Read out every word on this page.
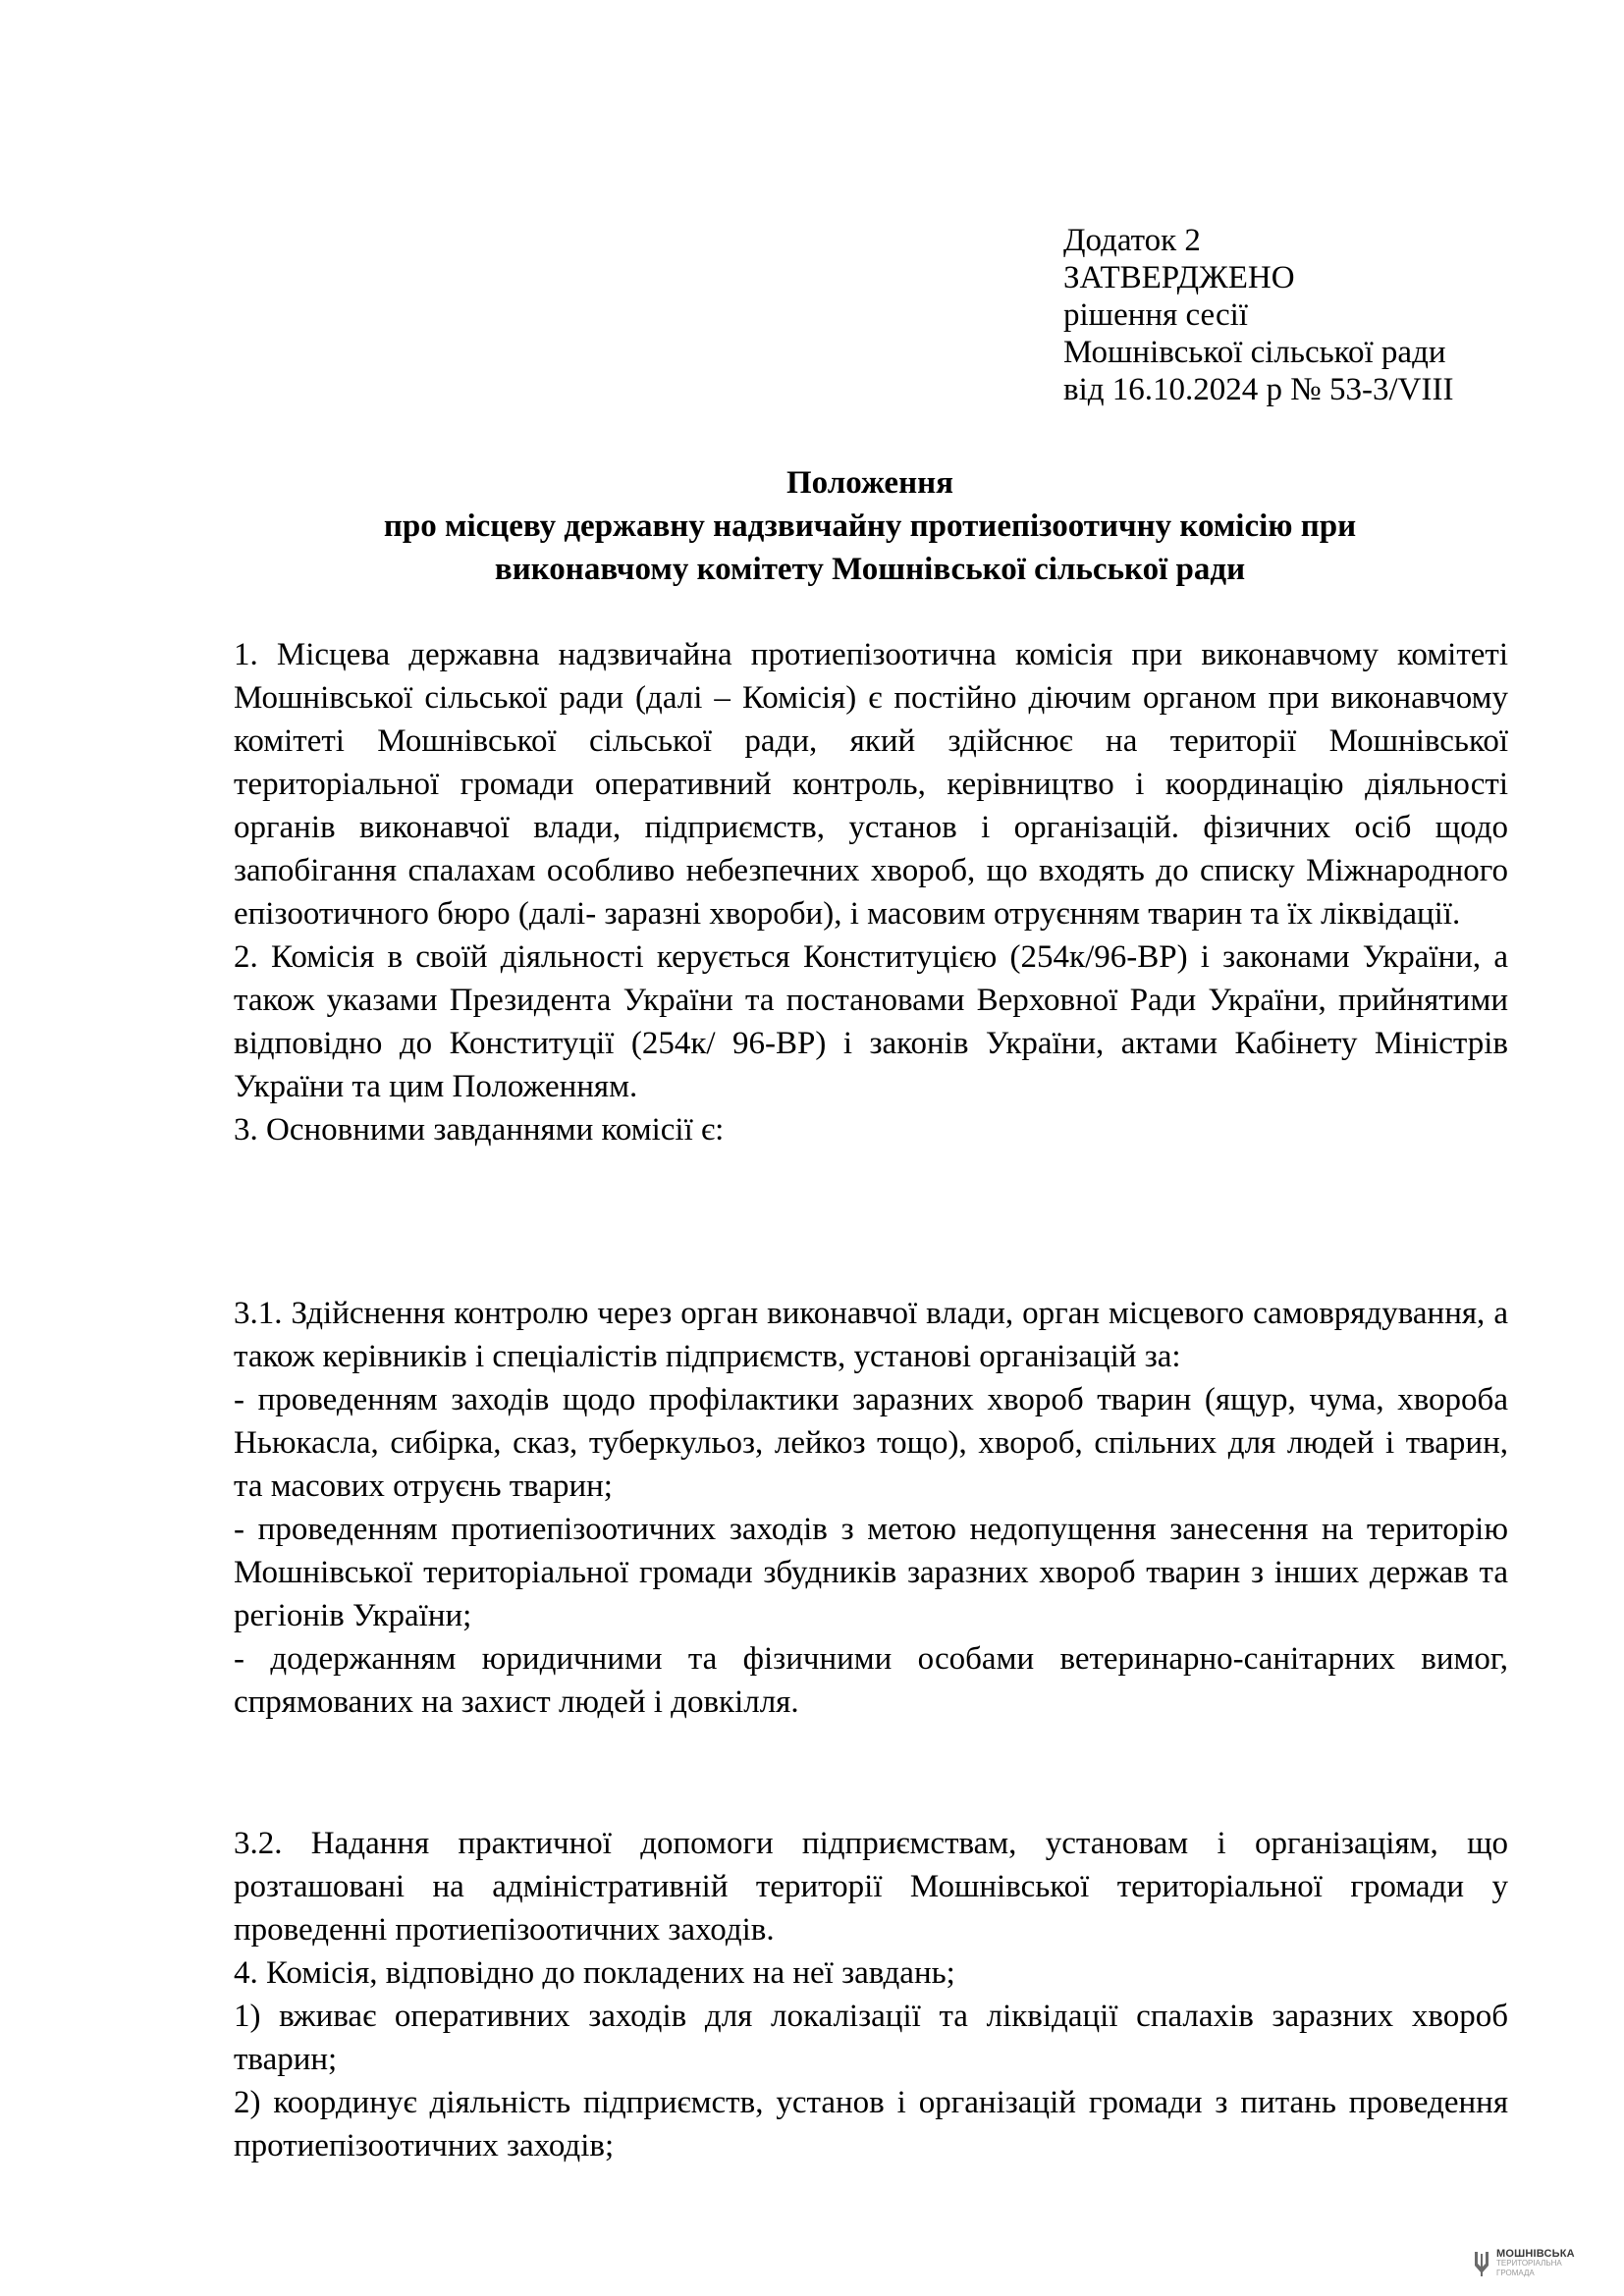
Додаток 2
ЗАТВЕРДЖЕНО
рішення сесії
Мошнівської сільської ради
від 16.10.2024 р № 53-3/VIII
Положення
про місцеву державну надзвичайну протиепізоотичну комісію при
виконавчому комітету Мошнівської сільської ради

1. Місцева державна надзвичайна протиепізоотична комісія при виконавчому комітеті Мошнівської сільської ради (далі – Комісія) є постійно діючим органом при виконавчому комітеті Мошнівської сільської ради, який здійснює на території Мошнівської територіальної громади оперативний контроль, керівництво і координацію діяльності органів виконавчої влади, підприємств, установ і організацій. фізичних осіб щодо запобігання спалахам особливо небезпечних хвороб, що входять до списку Міжнародного епізоотичного бюро (далі- заразні хвороби), і масовим отруєнням тварин та їх ліквідації.

2. Комісія в своїй діяльності керується Конституцією (254к/96-ВР) і законами України, а також указами Президента України та постановами Верховної Ради України, прийнятими відповідно до Конституції (254к/ 96-ВР) і законів України, актами Кабінету Міністрів України та цим Положенням.

3. Основними завданнями комісії є:

3.1. Здійснення контролю через орган виконавчої влади, орган місцевого самоврядування, а також керівників і спеціалістів підприємств, установі організацій за:

- проведенням заходів щодо профілактики заразних хвороб тварин (ящур, чума, хвороба Ньюкасла, сибірка, сказ, туберкульоз, лейкоз тощо), хвороб, спільних для людей і тварин, та масових отруєнь тварин;

- проведенням протиепізоотичних заходів з метою недопущення занесення на територію Мошнівської територіальної громади збудників заразних хвороб тварин з інших держав та регіонів України;

- додержанням юридичними та фізичними особами ветеринарно-санітарних вимог, спрямованих на захист людей і довкілля.

3.2. Надання практичної допомоги підприємствам, установам і організаціям, що розташовані на адміністративній території Мошнівської територіальної громади у проведенні протиепізоотичних заходів.

4. Комісія, відповідно до покладених на неї завдань;

1) вживає оперативних заходів для локалізації та ліквідації спалахів заразних хвороб тварин;

2) координує діяльність підприємств, установ і організацій громади з питань проведення протиепізоотичних заходів;

МОШНІВСЬКА
ТЕРИТОРІАЛЬНА
ГРОМАДА
